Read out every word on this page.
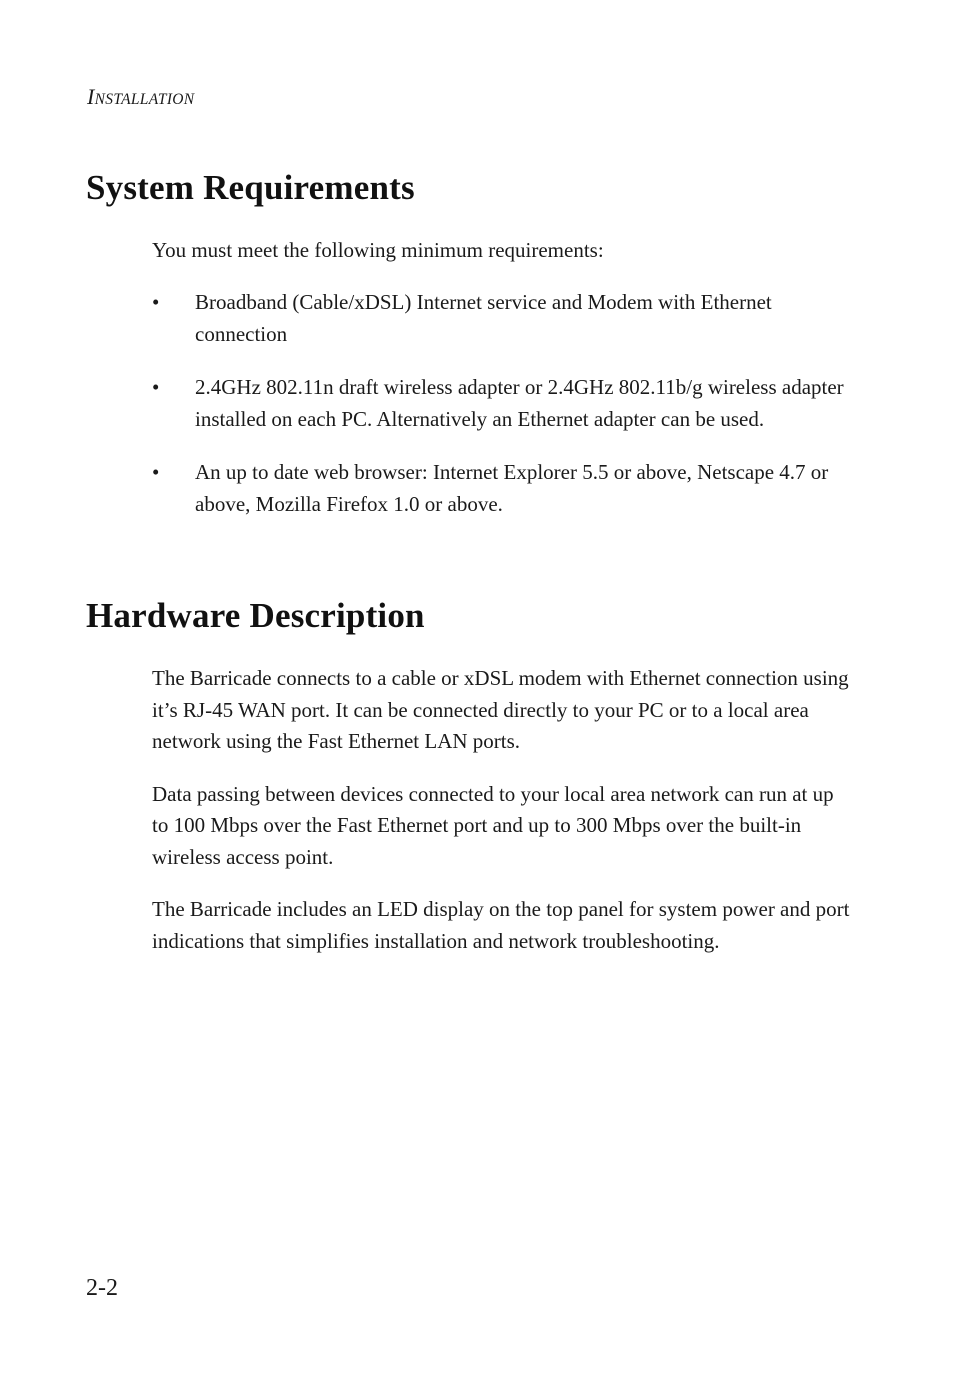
INSTALLATION
System Requirements

You must meet the following minimum requirements:

• Broadband (Cable/xDSL) Internet service and Modem with Ethernet connection
• 2.4GHz 802.11n draft wireless adapter or 2.4GHz 802.11b/g wireless adapter installed on each PC. Alternatively an Ethernet adapter can be used.
• An up to date web browser: Internet Explorer 5.5 or above, Netscape 4.7 or above, Mozilla Firefox 1.0 or above.
Hardware Description

The Barricade connects to a cable or xDSL modem with Ethernet connection using it’s RJ-45 WAN port. It can be connected directly to your PC or to a local area network using the Fast Ethernet LAN ports.

Data passing between devices connected to your local area network can run at up to 100 Mbps over the Fast Ethernet port and up to 300 Mbps over the built-in wireless access point.

The Barricade includes an LED display on the top panel for system power and port indications that simplifies installation and network troubleshooting.

2-2
